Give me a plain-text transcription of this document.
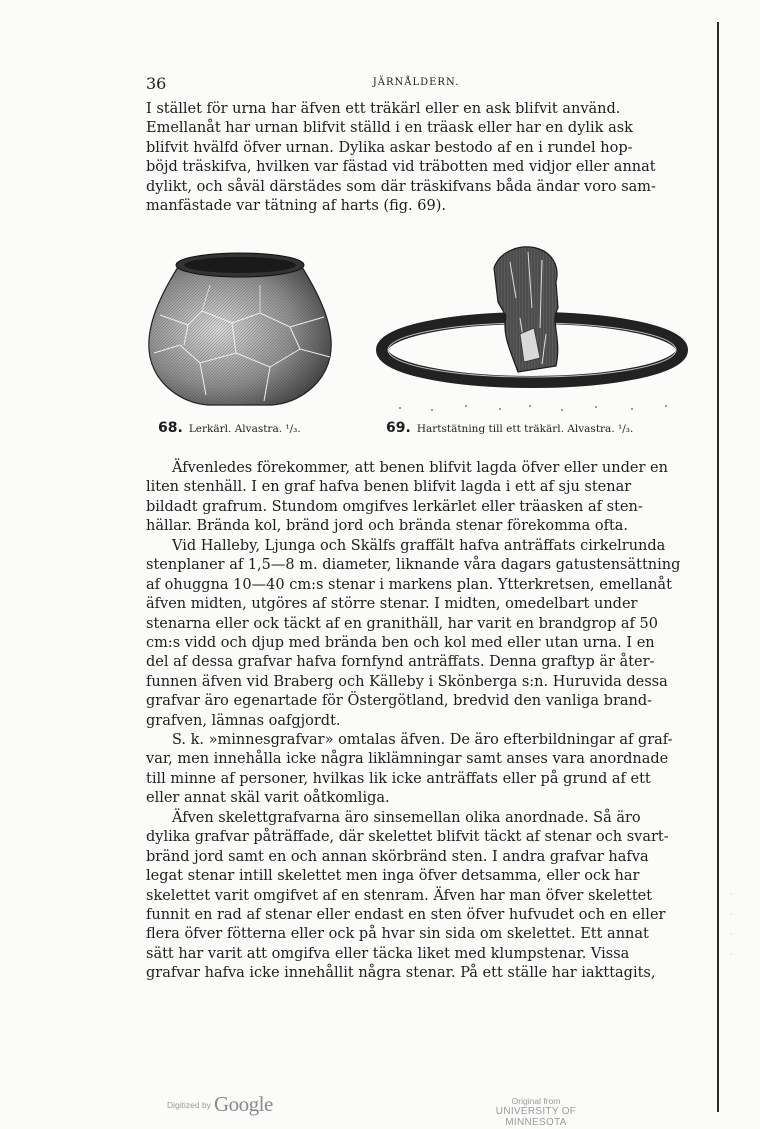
36	JÄRNÅLDERN.

I stället för urna har äfven ett träkärl eller en ask blifvit använd.
Emellanåt har urnan blifvit ställd i en träask eller har en dylik ask
blifvit hvälfd öfver urnan. Dylika askar bestodo af en i rundel hop-
böjd träskifva, hvilken var fästad vid träbotten med vidjor eller annat
dylikt, och såväl därstädes som där träskifvans båda ändar voro sam-
manfästade var tätning af harts (fig. 69).

68. Lerkärl. Alvastra. ¹/₃.	69. Hartstätning till ett träkärl. Alvastra. ¹/₃.

Äfvenledes förekommer, att benen blifvit lagda öfver eller under en
liten stenhäll. I en graf hafva benen blifvit lagda i ett af sju stenar
bildadt grafrum. Stundom omgifves lerkärlet eller träasken af sten-
hällar. Brända kol, bränd jord och brända stenar förekomma ofta.

Vid Halleby, Ljunga och Skälfs graffält hafva anträffats cirkelrunda
stenplaner af 1,5—8 m. diameter, liknande våra dagars gatustensättning
af ohuggna 10—40 cm:s stenar i markens plan. Ytterkretsen, emellanåt
äfven midten, utgöres af större stenar. I midten, omedelbart under
stenarna eller ock täckt af en granithäll, har varit en brandgrop af 50
cm:s vidd och djup med brända ben och kol med eller utan urna. I en
del af dessa grafvar hafva fornfynd anträffats. Denna graftyp är åter-
funnen äfven vid Braberg och Källeby i Skönberga s:n. Huruvida dessa
grafvar äro egenartade för Östergötland, bredvid den vanliga brand-
grafven, lämnas oafgjordt.

S. k. »minnesgrafvar» omtalas äfven. De äro efterbildningar af graf-
var, men innehålla icke några liklämningar samt anses vara anordnade
till minne af personer, hvilkas lik icke anträffats eller på grund af ett
eller annat skäl varit oåtkomliga.

Äfven skelettgrafvarna äro sinsemellan olika anordnade. Så äro
dylika grafvar påträffade, där skelettet blifvit täckt af stenar och svart-
bränd jord samt en och annan skörbränd sten. I andra grafvar hafva
legat stenar intill skelettet men inga öfver detsamma, eller ock har
skelettet varit omgifvet af en stenram. Äfven har man öfver skelettet
funnit en rad af stenar eller endast en sten öfver hufvudet och en eller
flera öfver fötterna eller ock på hvar sin sida om skelettet. Ett annat
sätt har varit att omgifva eller täcka liket med klumpstenar. Vissa
grafvar hafva icke innehållit några stenar. På ett ställe har iakttagits,

·
·
·
·
Digitized by Google	Original from
UNIVERSITY OF MINNESOTA
